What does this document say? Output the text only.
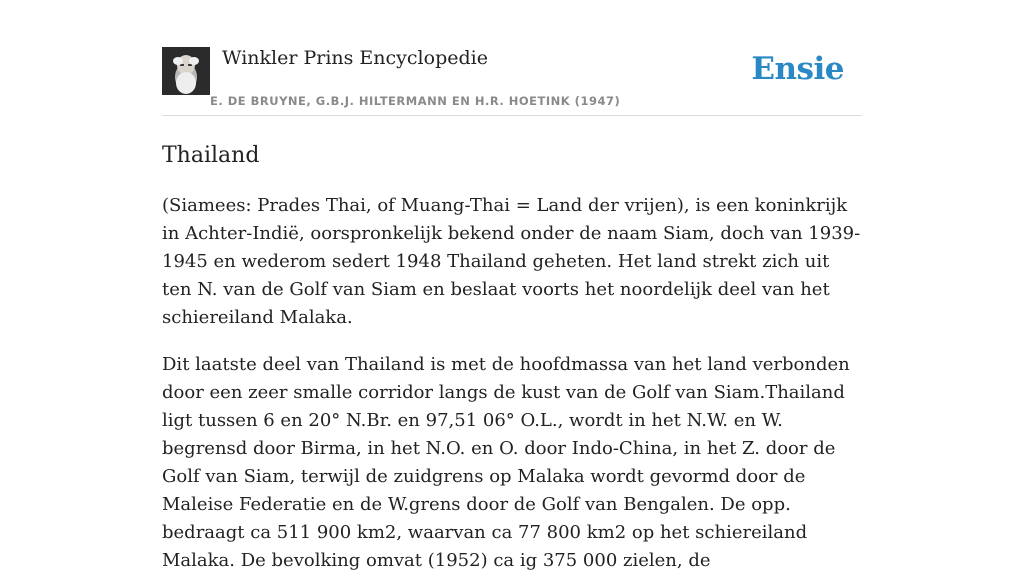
Winkler Prins Encyclopedie
E. DE BRUYNE, G.B.J. HILTERMANN EN H.R. HOETINK (1947)
Ensie
Thailand

(Siamees: Prades Thai, of Muang-Thai = Land der vrijen), is een koninkrijk in Achter-Indië, oorspronkelijk bekend onder de naam Siam, doch van 1939-1945 en wederom sedert 1948 Thailand geheten. Het land strekt zich uit ten N. van de Golf van Siam en beslaat voorts het noordelijk deel van het schiereiland Malaka.

Dit laatste deel van Thailand is met de hoofdmassa van het land verbonden door een zeer smalle corridor langs de kust van de Golf van Siam.Thailand ligt tussen 6 en 20° N.Br. en 97,51 06° O.L., wordt in het N.W. en W. begrensd door Birma, in het N.O. en O. door Indo-China, in het Z. door de Golf van Siam, terwijl de zuidgrens op Malaka wordt gevormd door de Maleise Federatie en de W.grens door de Golf van Bengalen. De opp. bedraagt ca 511 900 km2, waarvan ca 77 800 km2 op het schiereiland Malaka. De bevolking omvat (1952) ca ig 375 000 zielen, de
